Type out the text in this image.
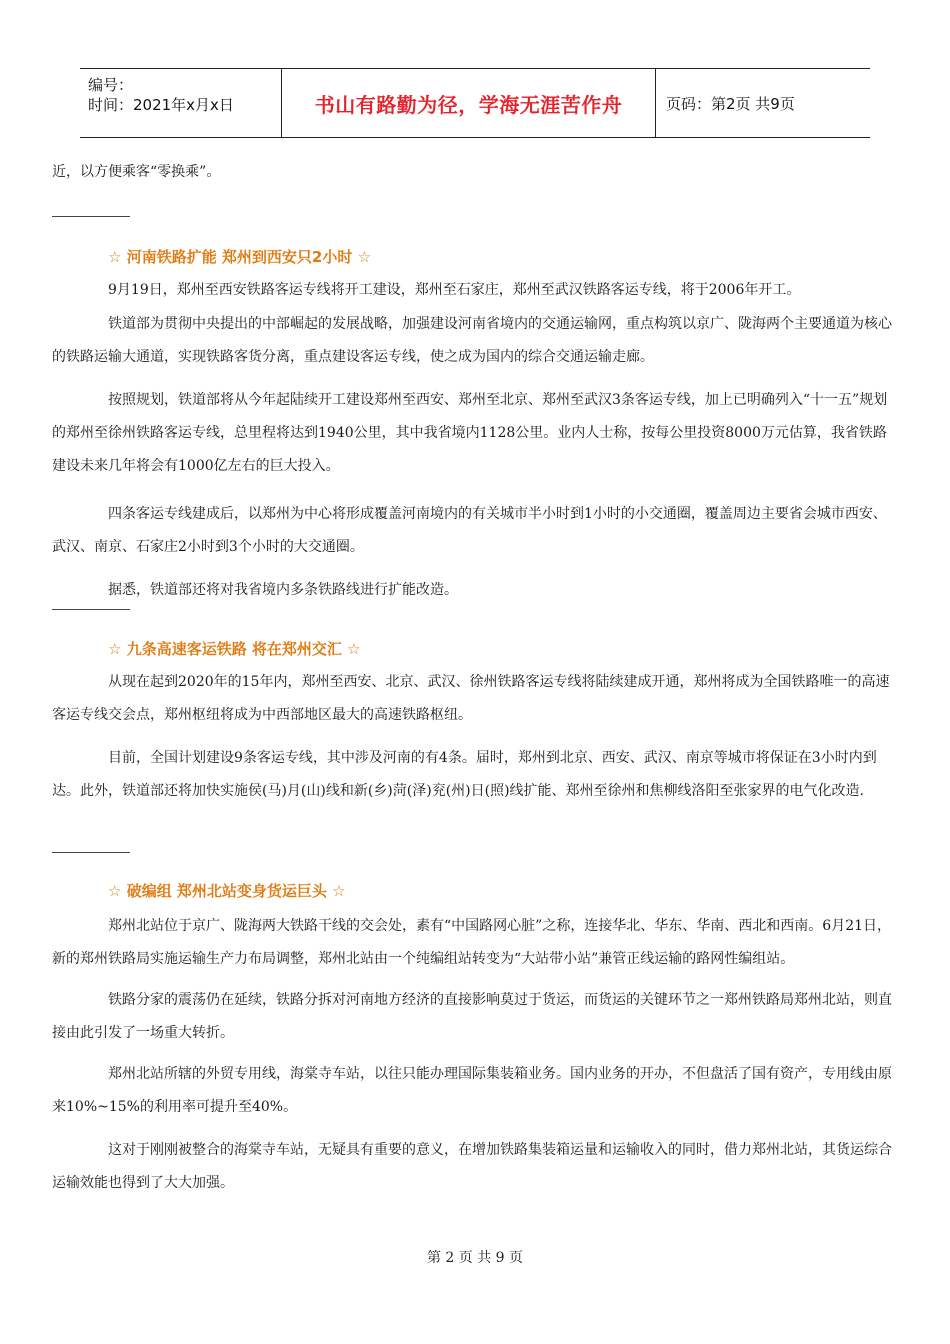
编号：
时间：2021年x月x日	书山有路勤为径，学海无涯苦作舟	页码：第2页 共9页
近，以方便乘客“零换乘”。
☆ 河南铁路扩能 郑州到西安只2小时 ☆
9月19日，郑州至西安铁路客运专线将开工建设，郑州至石家庄，郑州至武汉铁路客运专线，将于2006年开工。
铁道部为贯彻中央提出的中部崛起的发展战略，加强建设河南省境内的交通运输网，重点构筑以京广、陇海两个主要通道为核心的铁路运输大通道，实现铁路客货分离，重点建设客运专线，使之成为国内的综合交通运输走廊。
按照规划，铁道部将从今年起陆续开工建设郑州至西安、郑州至北京、郑州至武汉3条客运专线，加上已明确列入“十一五”规划的郑州至徐州铁路客运专线，总里程将达到1940公里，其中我省境内1128公里。业内人士称，按每公里投资8000万元估算，我省铁路建设未来几年将会有1000亿左右的巨大投入。
四条客运专线建成后，以郑州为中心将形成覆盖河南境内的有关城市半小时到1小时的小交通圈，覆盖周边主要省会城市西安、武汉、南京、石家庄2小时到3个小时的大交通圈。
据悉，铁道部还将对我省境内多条铁路线进行扩能改造。
☆ 九条高速客运铁路 将在郑州交汇 ☆
从现在起到2020年的15年内，郑州至西安、北京、武汉、徐州铁路客运专线将陆续建成开通，郑州将成为全国铁路唯一的高速客运专线交会点，郑州枢纽将成为中西部地区最大的高速铁路枢纽。
目前，全国计划建设9条客运专线，其中涉及河南的有4条。届时，郑州到北京、西安、武汉、南京等城市将保证在3小时内到达。此外，铁道部还将加快实施侯(马)月(山)线和新(乡)菏(泽)兖(州)日(照)线扩能、郑州至徐州和焦柳线洛阳至张家界的电气化改造.
☆ 破编组 郑州北站变身货运巨头 ☆
郑州北站位于京广、陇海两大铁路干线的交会处，素有“中国路网心脏”之称，连接华北、华东、华南、西北和西南。6月21日，新的郑州铁路局实施运输生产力布局调整，郑州北站由一个纯编组站转变为“大站带小站”兼管正线运输的路网性编组站。
铁路分家的震荡仍在延续，铁路分拆对河南地方经济的直接影响莫过于货运，而货运的关键环节之一郑州铁路局郑州北站，则直接由此引发了一场重大转折。
郑州北站所辖的外贸专用线，海棠寺车站，以往只能办理国际集装箱业务。国内业务的开办，不但盘活了国有资产，专用线由原来10%~15%的利用率可提升至40%。
这对于刚刚被整合的海棠寺车站，无疑具有重要的意义，在增加铁路集装箱运量和运输收入的同时，借力郑州北站，其货运综合运输效能也得到了大大加强。
第 2 页 共 9 页
